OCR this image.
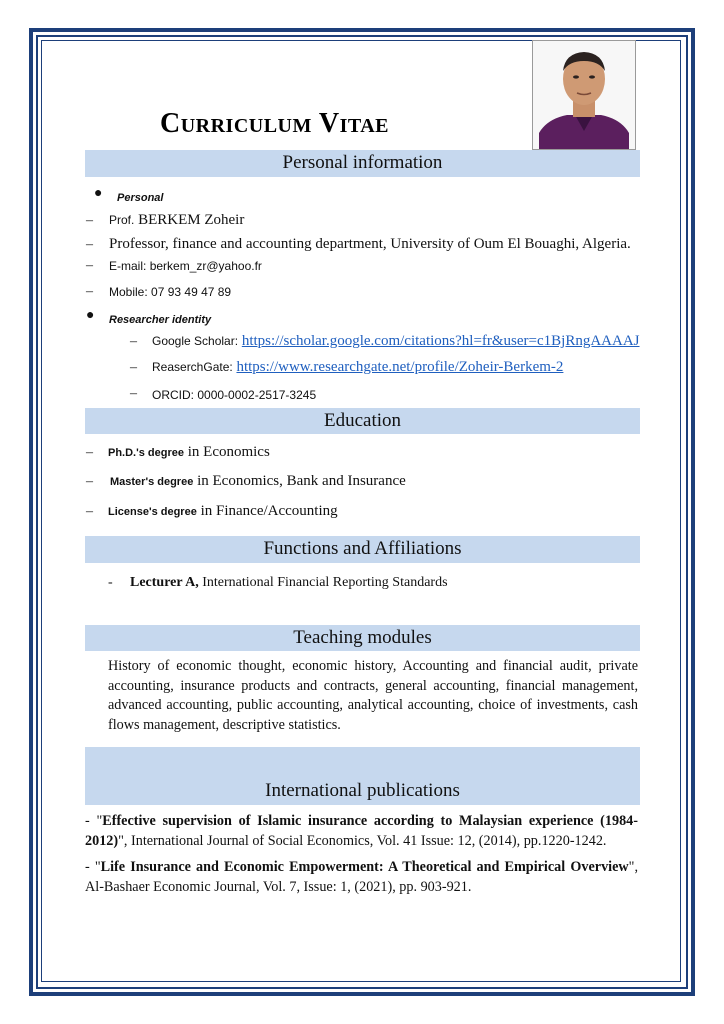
Curriculum Vitae
Personal information
● Personal
– Prof. BERKEM Zoheir
– Professor, finance and accounting department, University of Oum El Bouaghi, Algeria.
– E-mail: berkem_zr@yahoo.fr
– Mobile: 07 93 49 47 89
● Researcher identity
– Google Scholar: https://scholar.google.com/citations?hl=fr&user=c1BjRngAAAAJ
– ReaserchGate: https://www.researchgate.net/profile/Zoheir-Berkem-2
– ORCID: 0000-0002-2517-3245
Education
– Ph.D.'s degree in Economics
– Master's degree in Economics, Bank and Insurance
– License's degree in Finance/Accounting
Functions and Affiliations
- Lecturer A, International Financial Reporting Standards
Teaching modules
History of economic thought, economic history, Accounting and financial audit, private accounting, insurance products and contracts, general accounting, financial management, advanced accounting, public accounting, analytical accounting, choice of investments, cash flows management, descriptive statistics.
International publications
- "Effective supervision of Islamic insurance according to Malaysian experience (1984-2012)", International Journal of Social Economics, Vol. 41 Issue: 12, (2014), pp.1220-1242.
- "Life Insurance and Economic Empowerment: A Theoretical and Empirical Overview", Al-Bashaer Economic Journal, Vol. 7, Issue: 1, (2021), pp. 903-921.
